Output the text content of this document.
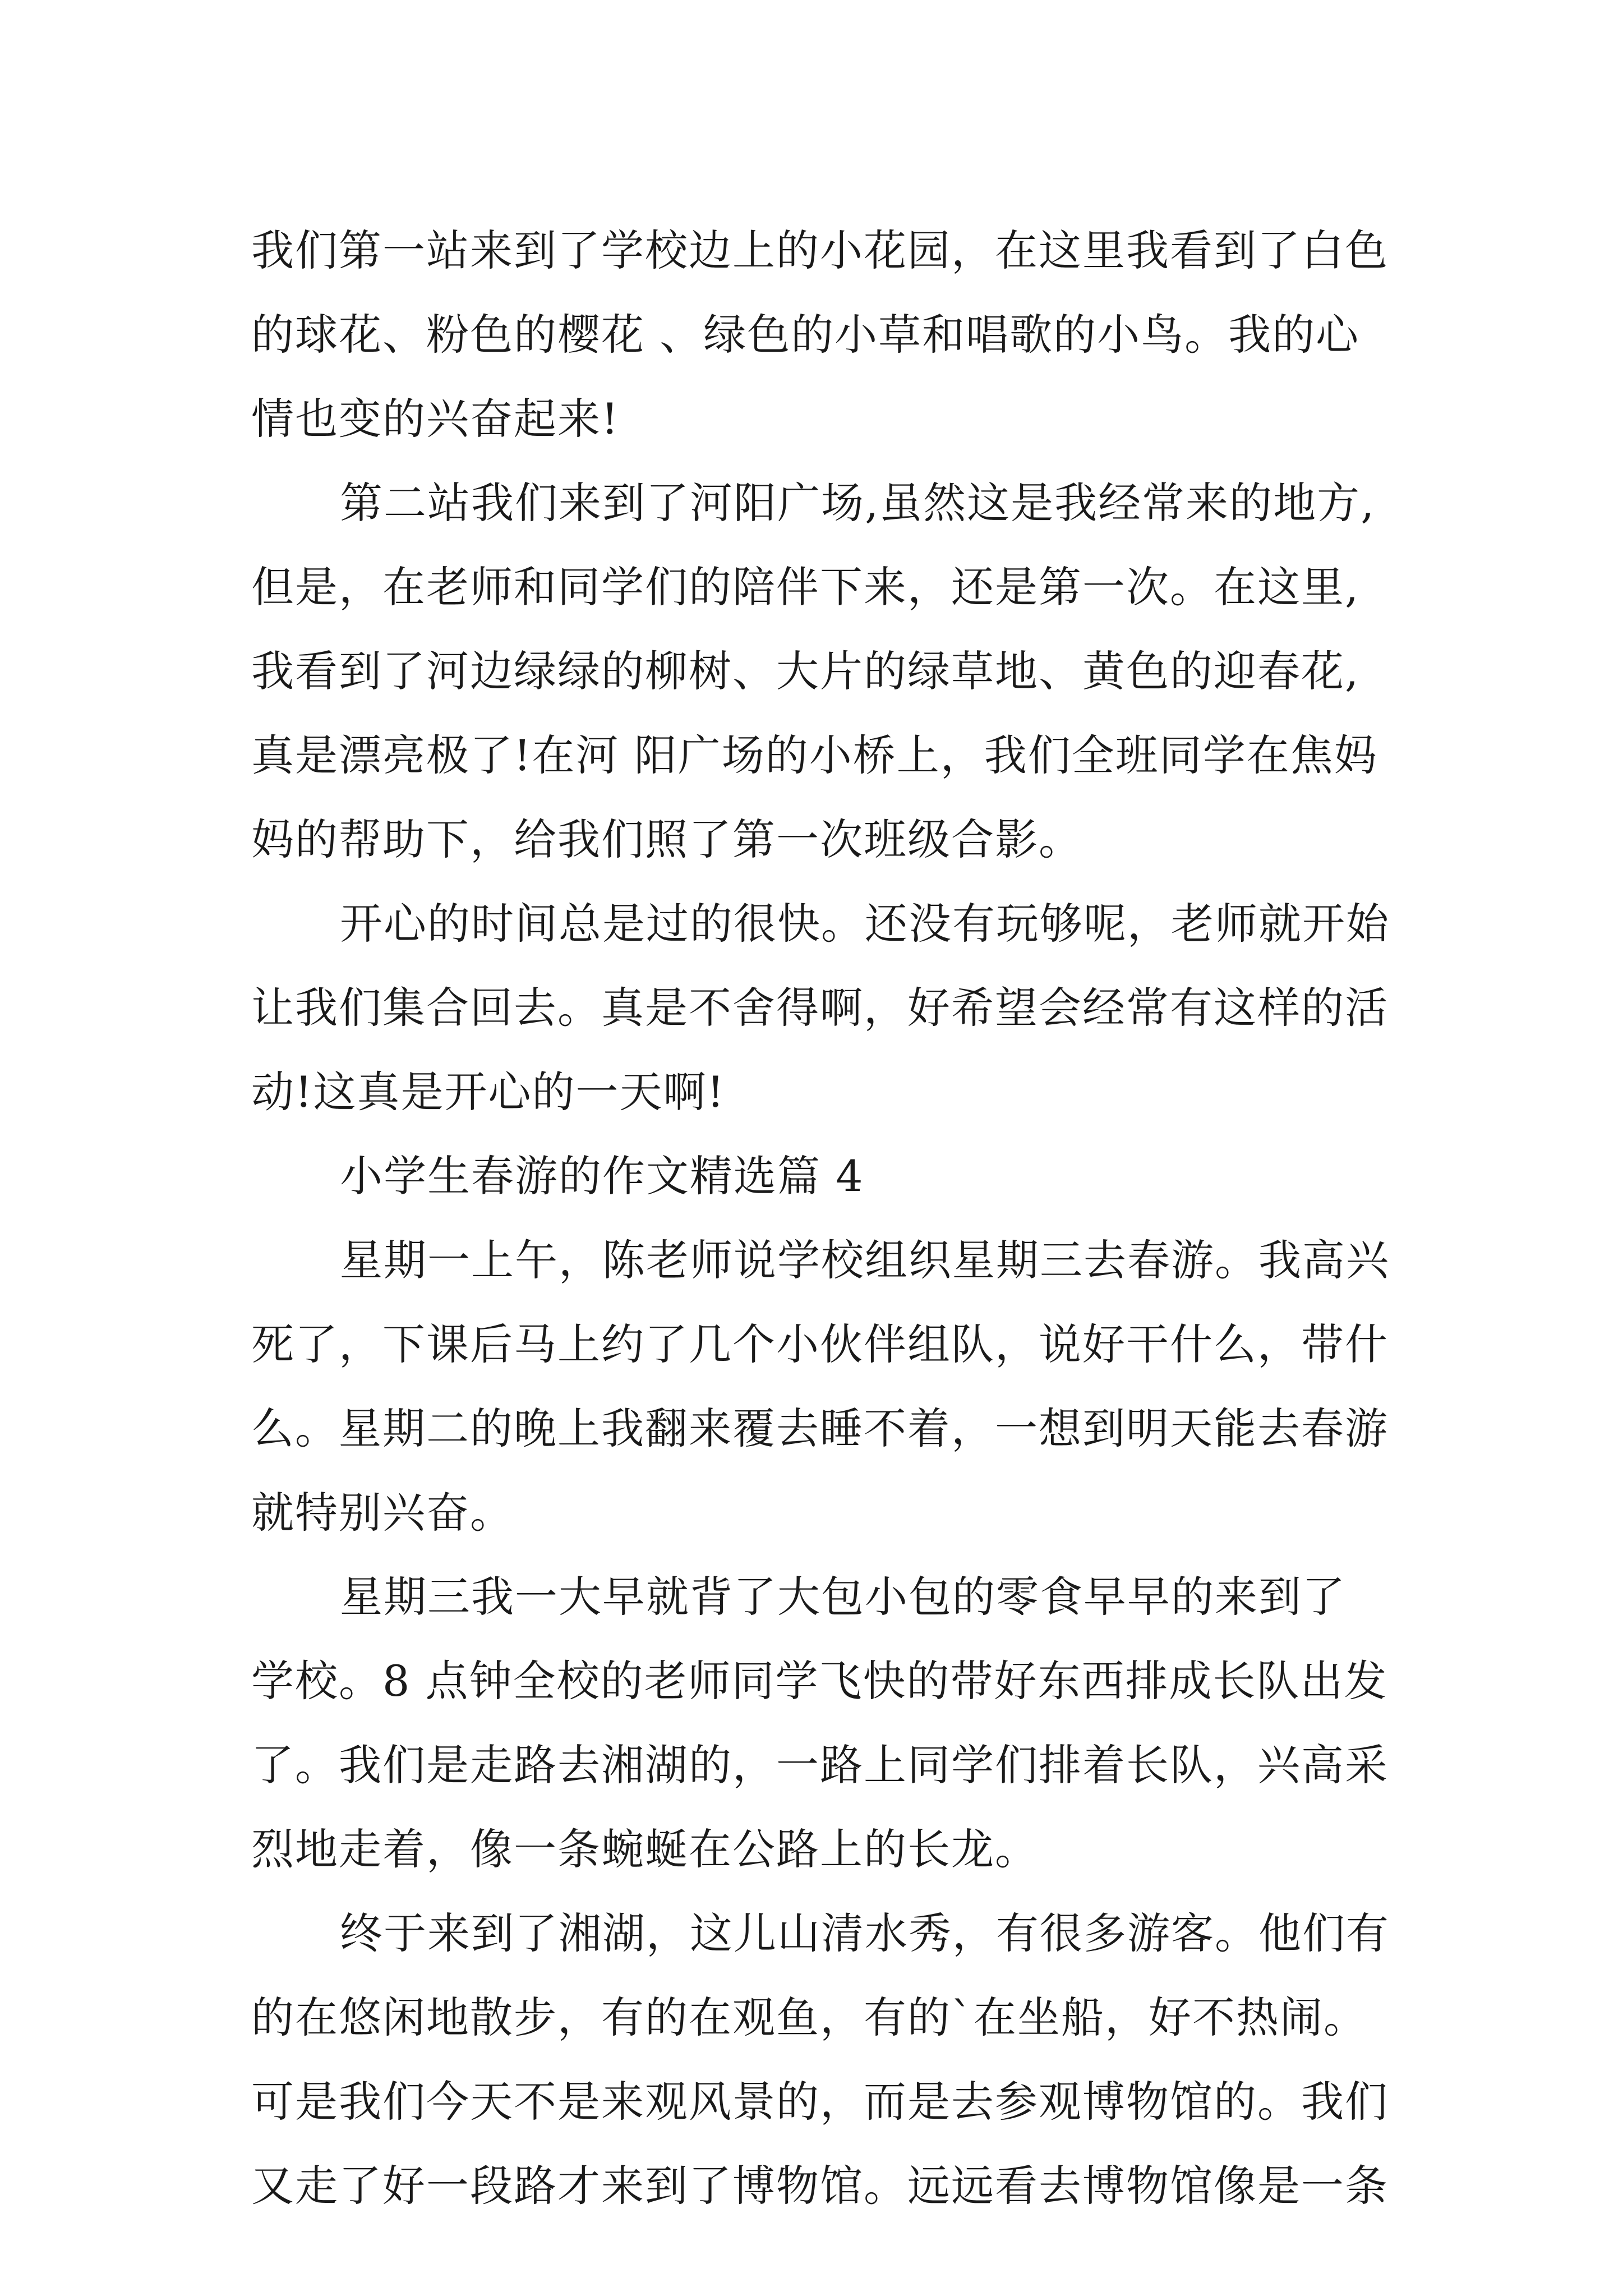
我们第一站来到了学校边上的小花园，在这里我看到了白色
的球花、粉色的樱花 、绿色的小草和唱歌的小鸟。我的心
情也变的兴奋起来!
第二站我们来到了河阳广场,虽然这是我经常来的地方,
但是，在老师和同学们的陪伴下来，还是第一次。在这里,
我看到了河边绿绿的柳树、大片的绿草地、黄色的迎春花,
真是漂亮极了!在河 阳广场的小桥上，我们全班同学在焦妈
妈的帮助下，给我们照了第一次班级合影。
开心的时间总是过的很快。还没有玩够呢，老师就开始
让我们集合回去。真是不舍得啊，好希望会经常有这样的活
动!这真是开心的一天啊!
小学生春游的作文精选篇 4
星期一上午，陈老师说学校组织星期三去春游。我高兴
死了，下课后马上约了几个小伙伴组队，说好干什么，带什
么。星期二的晚上我翻来覆去睡不着，一想到明天能去春游
就特别兴奋。
星期三我一大早就背了大包小包的零食早早的来到了
学校。8 点钟全校的老师同学飞快的带好东西排成长队出发
了。我们是走路去湘湖的，一路上同学们排着长队，兴高采
烈地走着，像一条蜿蜒在公路上的长龙。
终于来到了湘湖，这儿山清水秀，有很多游客。他们有
的在悠闲地散步，有的在观鱼，有的`在坐船，好不热闹。
可是我们今天不是来观风景的，而是去参观博物馆的。我们
又走了好一段路才来到了博物馆。远远看去博物馆像是一条
